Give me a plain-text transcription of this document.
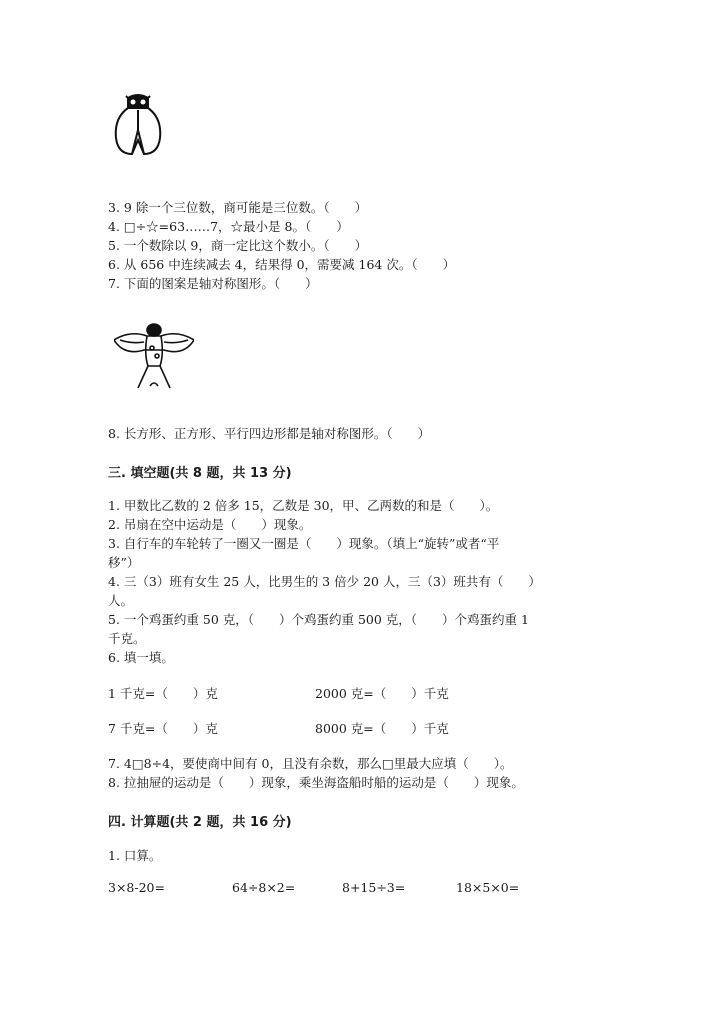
3. 9 除一个三位数，商可能是三位数。（　　）
4. □÷☆=63……7，☆最小是 8。（　　）
5. 一个数除以 9，商一定比这个数小。（　　）
6. 从 656 中连续减去 4，结果得 0，需要减 164 次。（　　）
7. 下面的图案是轴对称图形。（　　）
8. 长方形、正方形、平行四边形都是轴对称图形。（　　）
三. 填空题(共 8 题，共 13 分)
1. 甲数比乙数的 2 倍多 15，乙数是 30，甲、乙两数的和是（　　）。
2. 吊扇在空中运动是（　　）现象。
3. 自行车的车轮转了一圈又一圈是（　　）现象。（填上“旋转”或者“平
移”）
4. 三（3）班有女生 25 人，比男生的 3 倍少 20 人，三（3）班共有（　　）
人。
5. 一个鸡蛋约重 50 克，（　　）个鸡蛋约重 500 克，（　　）个鸡蛋约重 1
千克。
6. 填一填。
1 千克=（　　）克	2000 克=（　　）千克
7 千克=（　　）克	8000 克=（　　）千克
7. 4□8÷4，要使商中间有 0，且没有余数，那么□里最大应填（　　）。
8. 拉抽屉的运动是（　　）现象，乘坐海盗船时船的运动是（　　）现象。
四. 计算题(共 2 题，共 16 分)
1. 口算。
3×8-20=	64÷8×2=	8+15÷3=	18×5×0=
